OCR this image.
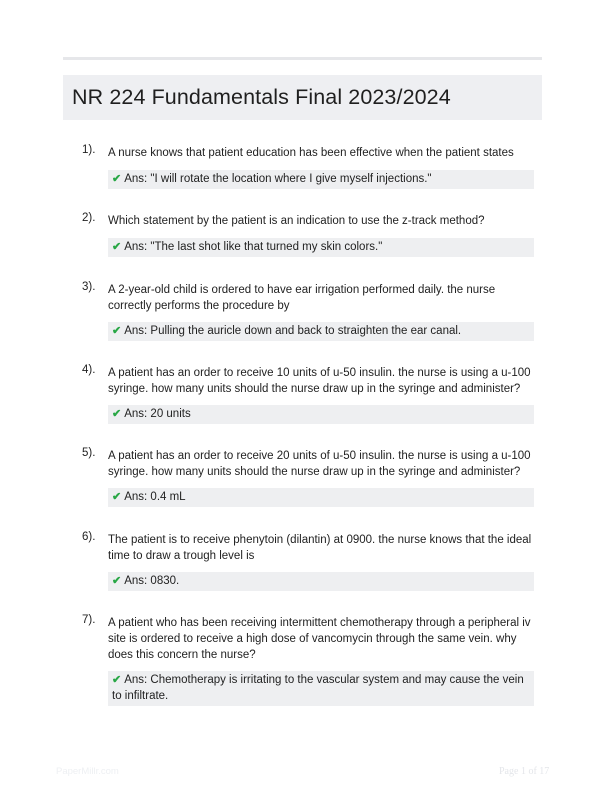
NR 224 Fundamentals Final 2023/2024
1). A nurse knows that patient education has been effective when the patient states
✔ Ans: "I will rotate the location where I give myself injections."
2). Which statement by the patient is an indication to use the z-track method?
✔ Ans: "The last shot like that turned my skin colors."
3). A 2-year-old child is ordered to have ear irrigation performed daily. the nurse correctly performs the procedure by
✔ Ans: Pulling the auricle down and back to straighten the ear canal.
4). A patient has an order to receive 10 units of u-50 insulin. the nurse is using a u-100 syringe. how many units should the nurse draw up in the syringe and administer?
✔ Ans: 20 units
5). A patient has an order to receive 20 units of u-50 insulin. the nurse is using a u-100 syringe. how many units should the nurse draw up in the syringe and administer?
✔ Ans: 0.4 mL
6). The patient is to receive phenytoin (dilantin) at 0900. the nurse knows that the ideal time to draw a trough level is
✔ Ans: 0830.
7). A patient who has been receiving intermittent chemotherapy through a peripheral iv site is ordered to receive a high dose of vancomycin through the same vein. why does this concern the nurse?
✔ Ans: Chemotherapy is irritating to the vascular system and may cause the vein to infiltrate.
PaperMillr.com	Page 1 of 17
